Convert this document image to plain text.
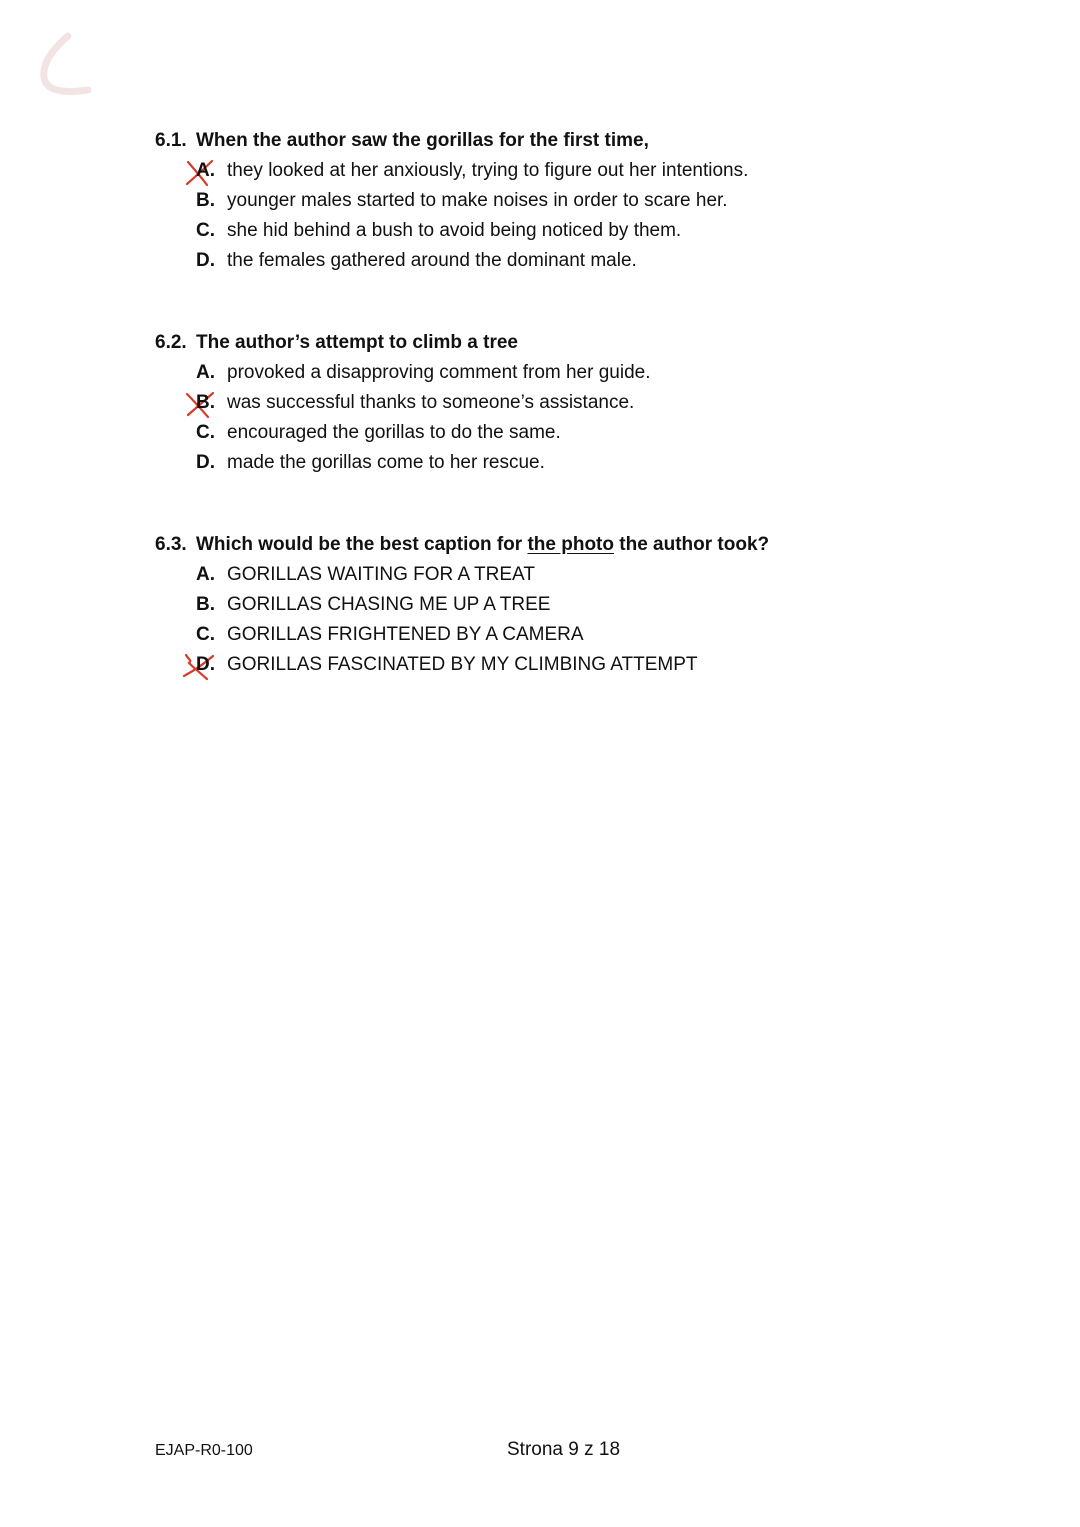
6.1. When the author saw the gorillas for the first time,
A. they looked at her anxiously, trying to figure out her intentions.
B. younger males started to make noises in order to scare her.
C. she hid behind a bush to avoid being noticed by them.
D. the females gathered around the dominant male.
6.2. The author’s attempt to climb a tree
A. provoked a disapproving comment from her guide.
B. was successful thanks to someone’s assistance.
C. encouraged the gorillas to do the same.
D. made the gorillas come to her rescue.
6.3. Which would be the best caption for the photo the author took?
A. GORILLAS WAITING FOR A TREAT
B. GORILLAS CHASING ME UP A TREE
C. GORILLAS FRIGHTENED BY A CAMERA
D. GORILLAS FASCINATED BY MY CLIMBING ATTEMPT
EJAP-R0-100	Strona 9 z 18
